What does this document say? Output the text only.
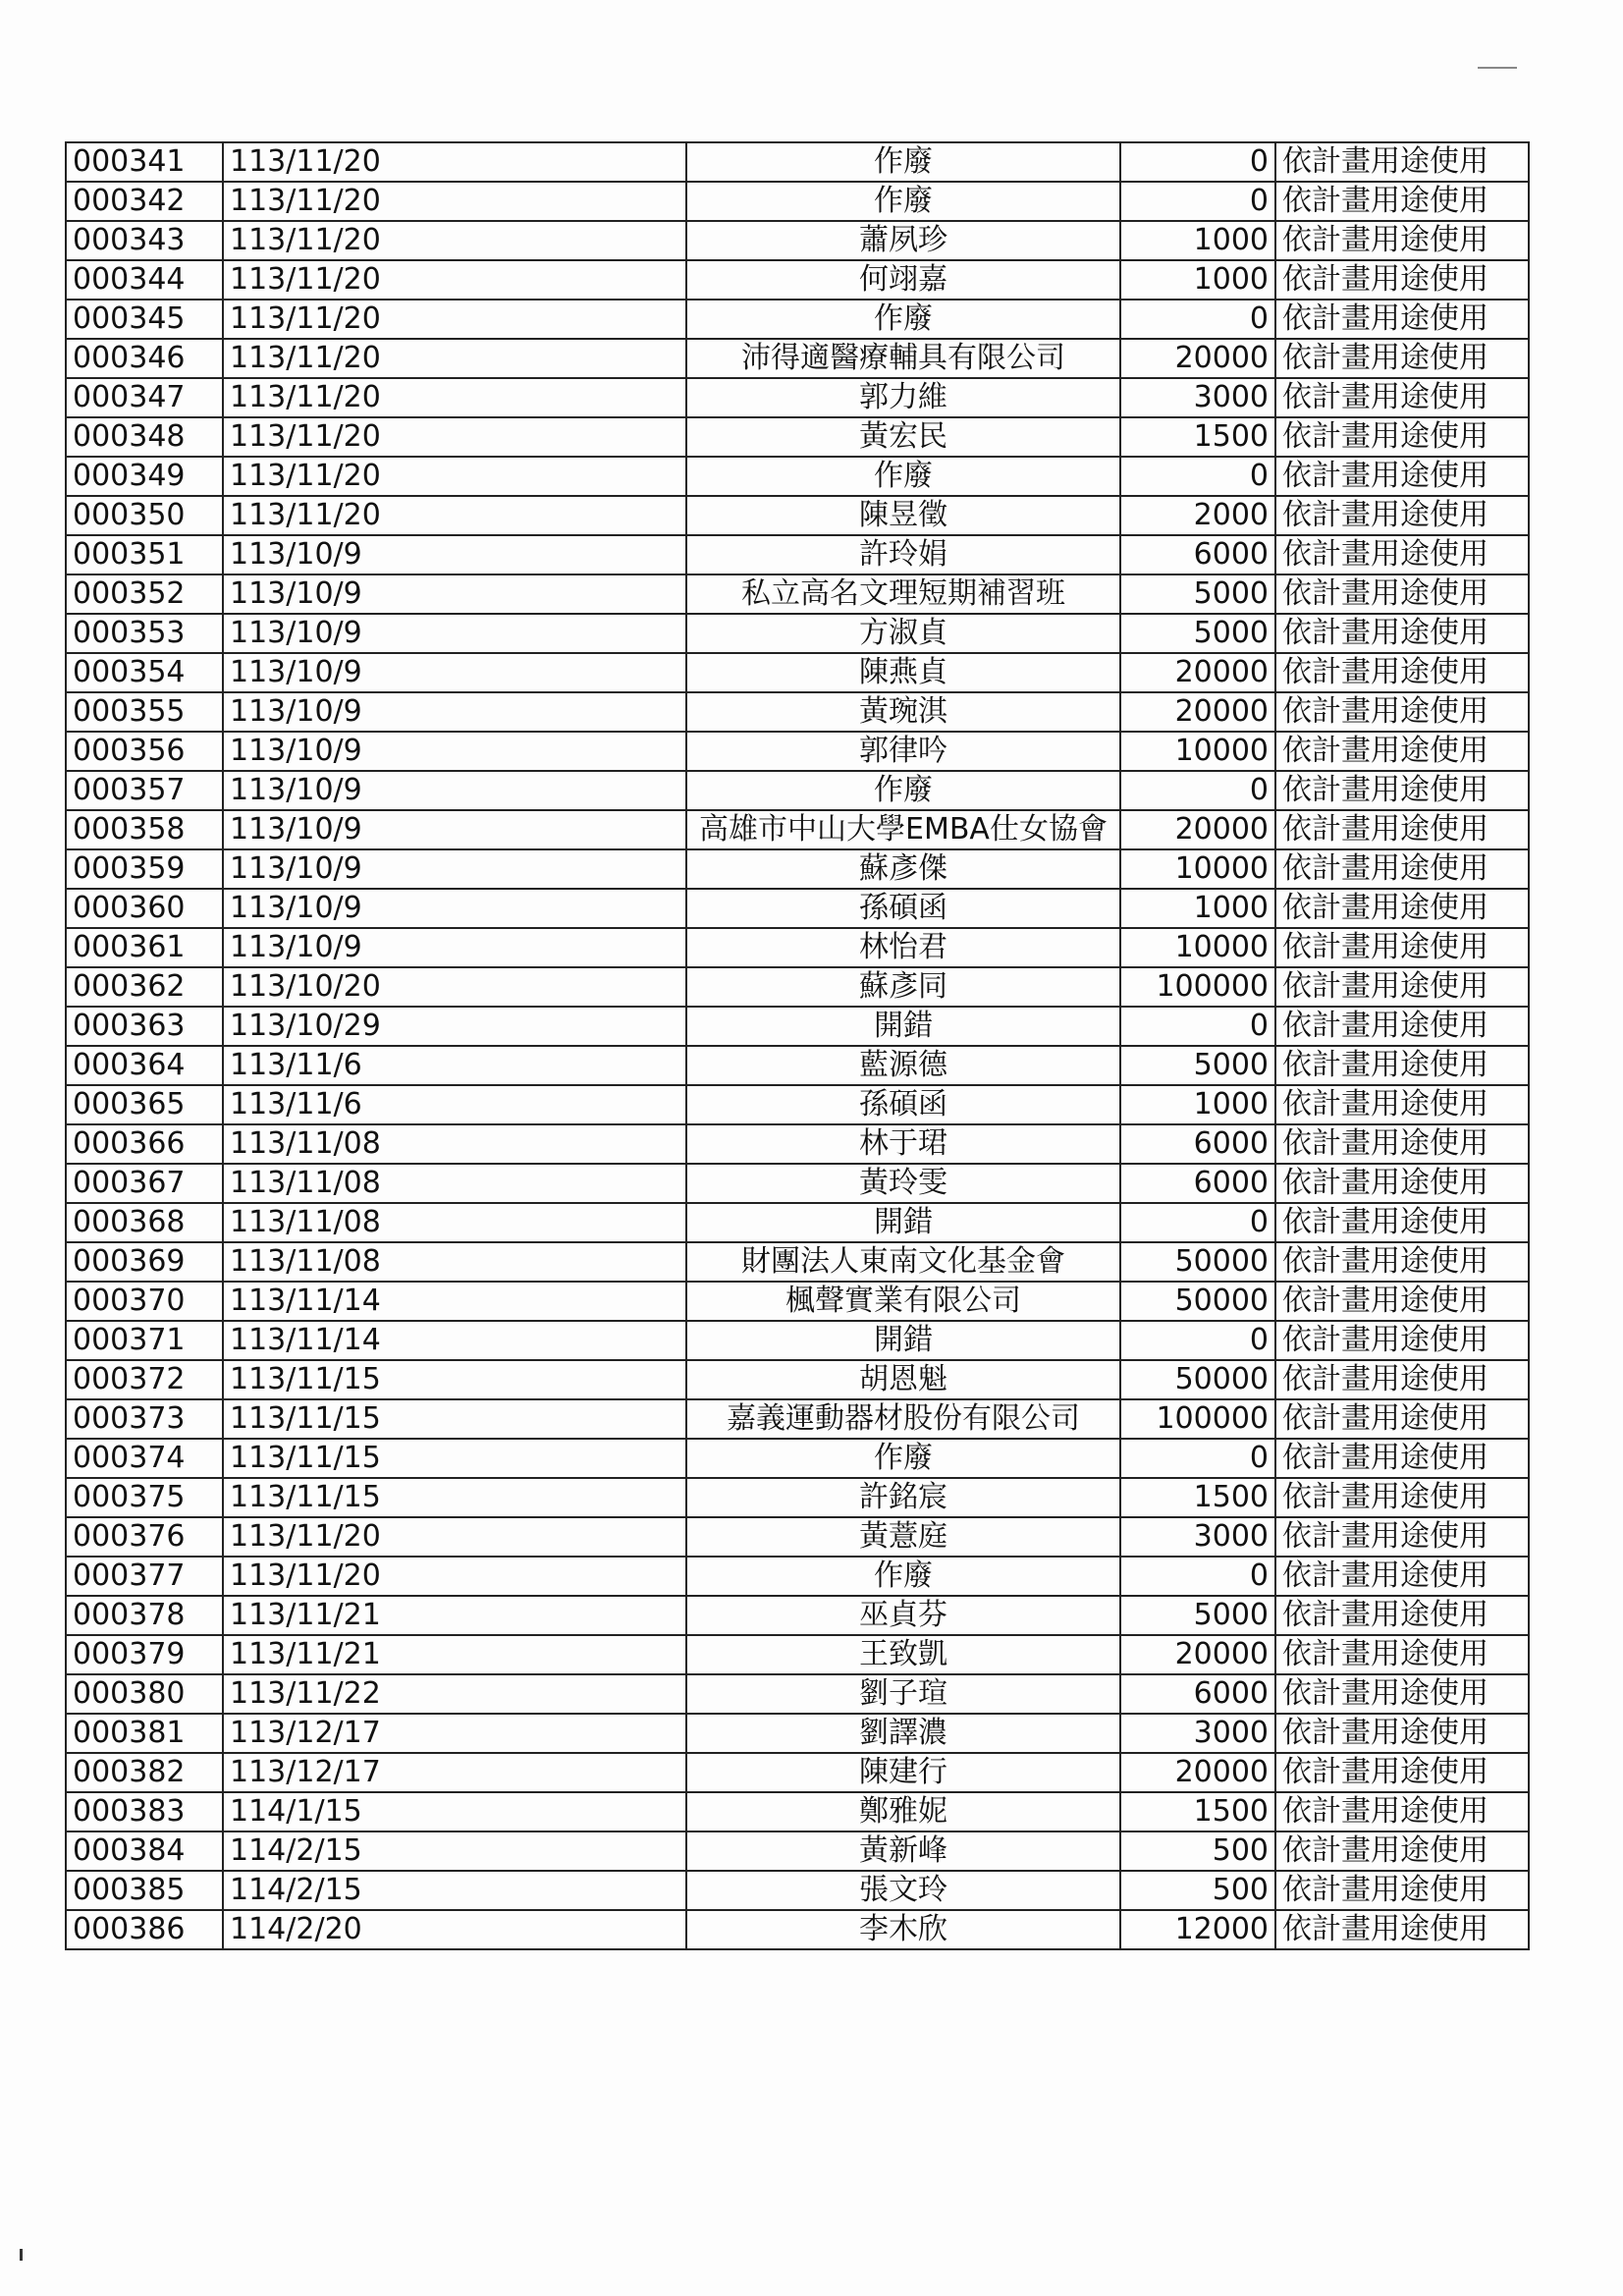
000341	113/11/20	作廢	0	依計畫用途使用
000342	113/11/20	作廢	0	依計畫用途使用
000343	113/11/20	蕭夙珍	1000	依計畫用途使用
000344	113/11/20	何翊嘉	1000	依計畫用途使用
000345	113/11/20	作廢	0	依計畫用途使用
000346	113/11/20	沛得適醫療輔具有限公司	20000	依計畫用途使用
000347	113/11/20	郭力維	3000	依計畫用途使用
000348	113/11/20	黃宏民	1500	依計畫用途使用
000349	113/11/20	作廢	0	依計畫用途使用
000350	113/11/20	陳昱徵	2000	依計畫用途使用
000351	113/10/9	許玲娟	6000	依計畫用途使用
000352	113/10/9	私立高名文理短期補習班	5000	依計畫用途使用
000353	113/10/9	方淑貞	5000	依計畫用途使用
000354	113/10/9	陳燕貞	20000	依計畫用途使用
000355	113/10/9	黃琬淇	20000	依計畫用途使用
000356	113/10/9	郭律吟	10000	依計畫用途使用
000357	113/10/9	作廢	0	依計畫用途使用
000358	113/10/9	高雄市中山大學EMBA仕女協會	20000	依計畫用途使用
000359	113/10/9	蘇彥傑	10000	依計畫用途使用
000360	113/10/9	孫碩函	1000	依計畫用途使用
000361	113/10/9	林怡君	10000	依計畫用途使用
000362	113/10/20	蘇彥同	100000	依計畫用途使用
000363	113/10/29	開錯	0	依計畫用途使用
000364	113/11/6	藍源德	5000	依計畫用途使用
000365	113/11/6	孫碩函	1000	依計畫用途使用
000366	113/11/08	林于珺	6000	依計畫用途使用
000367	113/11/08	黃玲雯	6000	依計畫用途使用
000368	113/11/08	開錯	0	依計畫用途使用
000369	113/11/08	財團法人東南文化基金會	50000	依計畫用途使用
000370	113/11/14	楓聲實業有限公司	50000	依計畫用途使用
000371	113/11/14	開錯	0	依計畫用途使用
000372	113/11/15	胡恩魁	50000	依計畫用途使用
000373	113/11/15	嘉義運動器材股份有限公司	100000	依計畫用途使用
000374	113/11/15	作廢	0	依計畫用途使用
000375	113/11/15	許銘宸	1500	依計畫用途使用
000376	113/11/20	黃薏庭	3000	依計畫用途使用
000377	113/11/20	作廢	0	依計畫用途使用
000378	113/11/21	巫貞芬	5000	依計畫用途使用
000379	113/11/21	王致凱	20000	依計畫用途使用
000380	113/11/22	劉子瑄	6000	依計畫用途使用
000381	113/12/17	劉譯濃	3000	依計畫用途使用
000382	113/12/17	陳建行	20000	依計畫用途使用
000383	114/1/15	鄭雅妮	1500	依計畫用途使用
000384	114/2/15	黃新峰	500	依計畫用途使用
000385	114/2/15	張文玲	500	依計畫用途使用
000386	114/2/20	李木欣	12000	依計畫用途使用
